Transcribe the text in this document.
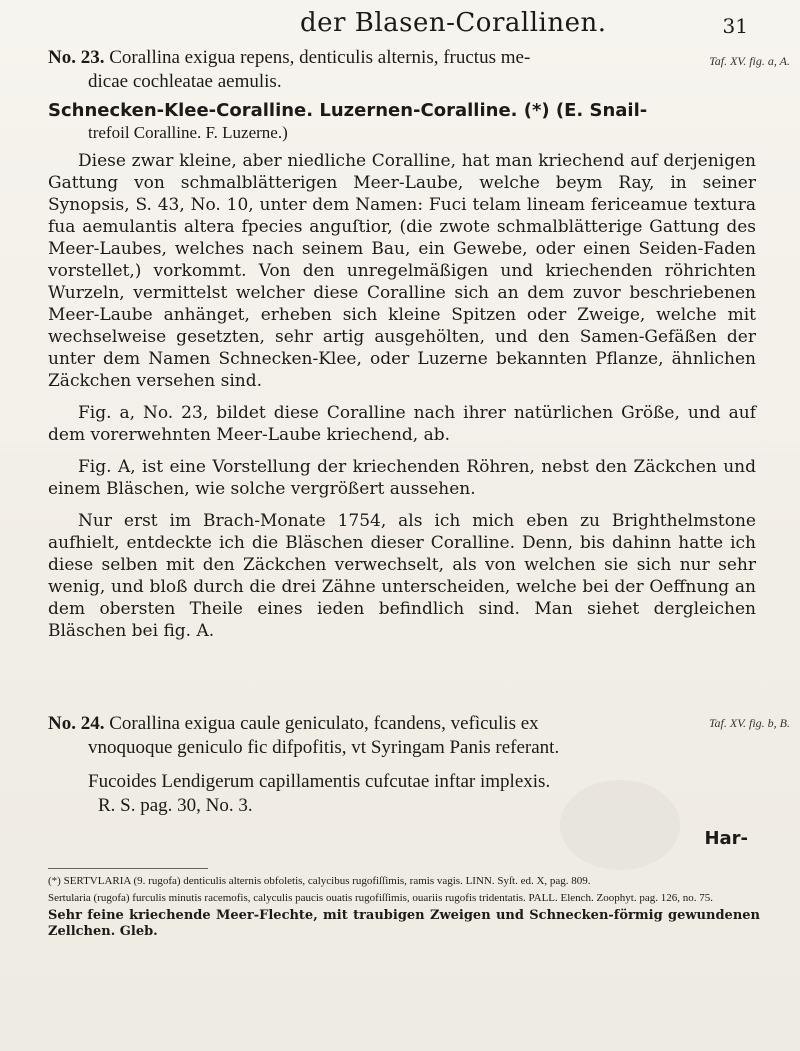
der Blasen-Corallinen.	31

No. 23. Corallina exigua repens, denticulis alternis, fructus me-

dicae cochleatae aemulis.

Taf. XV. fig. a, A.

Schnecken-Klee-Coralline. Luzernen-Coralline. (*) (E. Snail-

trefoil Coralline. F. Luzerne.)

Diese zwar kleine, aber niedliche Coralline, hat man kriechend auf derjenigen Gattung von schmalblätterigen Meer-Laube, welche beym Ray, in seiner Synopsis, S. 43, No. 10, unter dem Namen: Fuci telam lineam fericeamue textura fua aemulantis altera fpecies anguſtior, (die zwote schmalblätterige Gattung des Meer-Laubes, welches nach seinem Bau, ein Gewebe, oder einen Seiden-Faden vorstellet,) vorkommt. Von den unregelmäßigen und kriechenden röhrichten Wurzeln, vermittelst welcher diese Coralline sich an dem zuvor beschriebenen Meer-Laube anhänget, erheben sich kleine Spitzen oder Zweige, welche mit wechselweise gesetzten, sehr artig ausgehölten, und den Samen-Gefäßen der unter dem Namen Schnecken-Klee, oder Luzerne bekannten Pflanze, ähnlichen Zäckchen versehen sind.

Fig. a, No. 23, bildet diese Coralline nach ihrer natürlichen Größe, und auf dem vorerwehnten Meer-Laube kriechend, ab.

Fig. A, ist eine Vorstellung der kriechenden Röhren, nebst den Zäckchen und einem Bläschen, wie solche vergrößert aussehen.

Nur erst im Brach-Monate 1754, als ich mich eben zu Brighthelmstone aufhielt, entdeckte ich die Bläschen dieser Coralline. Denn, bis dahinn hatte ich diese selben mit den Zäckchen verwechselt, als von welchen sie sich nur sehr wenig, und bloß durch die drei Zähne unterscheiden, welche bei der Oeffnung an dem obersten Theile eines ieden befindlich sind. Man siehet dergleichen Bläschen bei fig. A.

No. 24. Corallina exigua caule geniculato, fcandens, vefìculis ex

vnoquoque geniculo fic difpofitis, vt Syringam Panis referant.

Taf. XV. fig. b, B.

Fucoides Lendigerum capillamentis cufcutae inftar implexis.

R. S. pag. 30, No. 3.

Har-

(*) SERTVLARIA (9. rugofa) denticulis alternis obfoletis, calycibus rugofiſſimis, ramis vagis. LINN. Syſt. ed. X, pag. 809.

Sertularia (rugofa) furculis minutis racemofis, calyculis paucis ouatis rugofiſſimis, ouariis rugofis tridentatis. PALL. Elench. Zoophyt. pag. 126, no. 75.

Sehr feine kriechende Meer-Flechte, mit traubigen Zweigen und Schnecken-förmig gewundenen Zellchen. Gleb.
